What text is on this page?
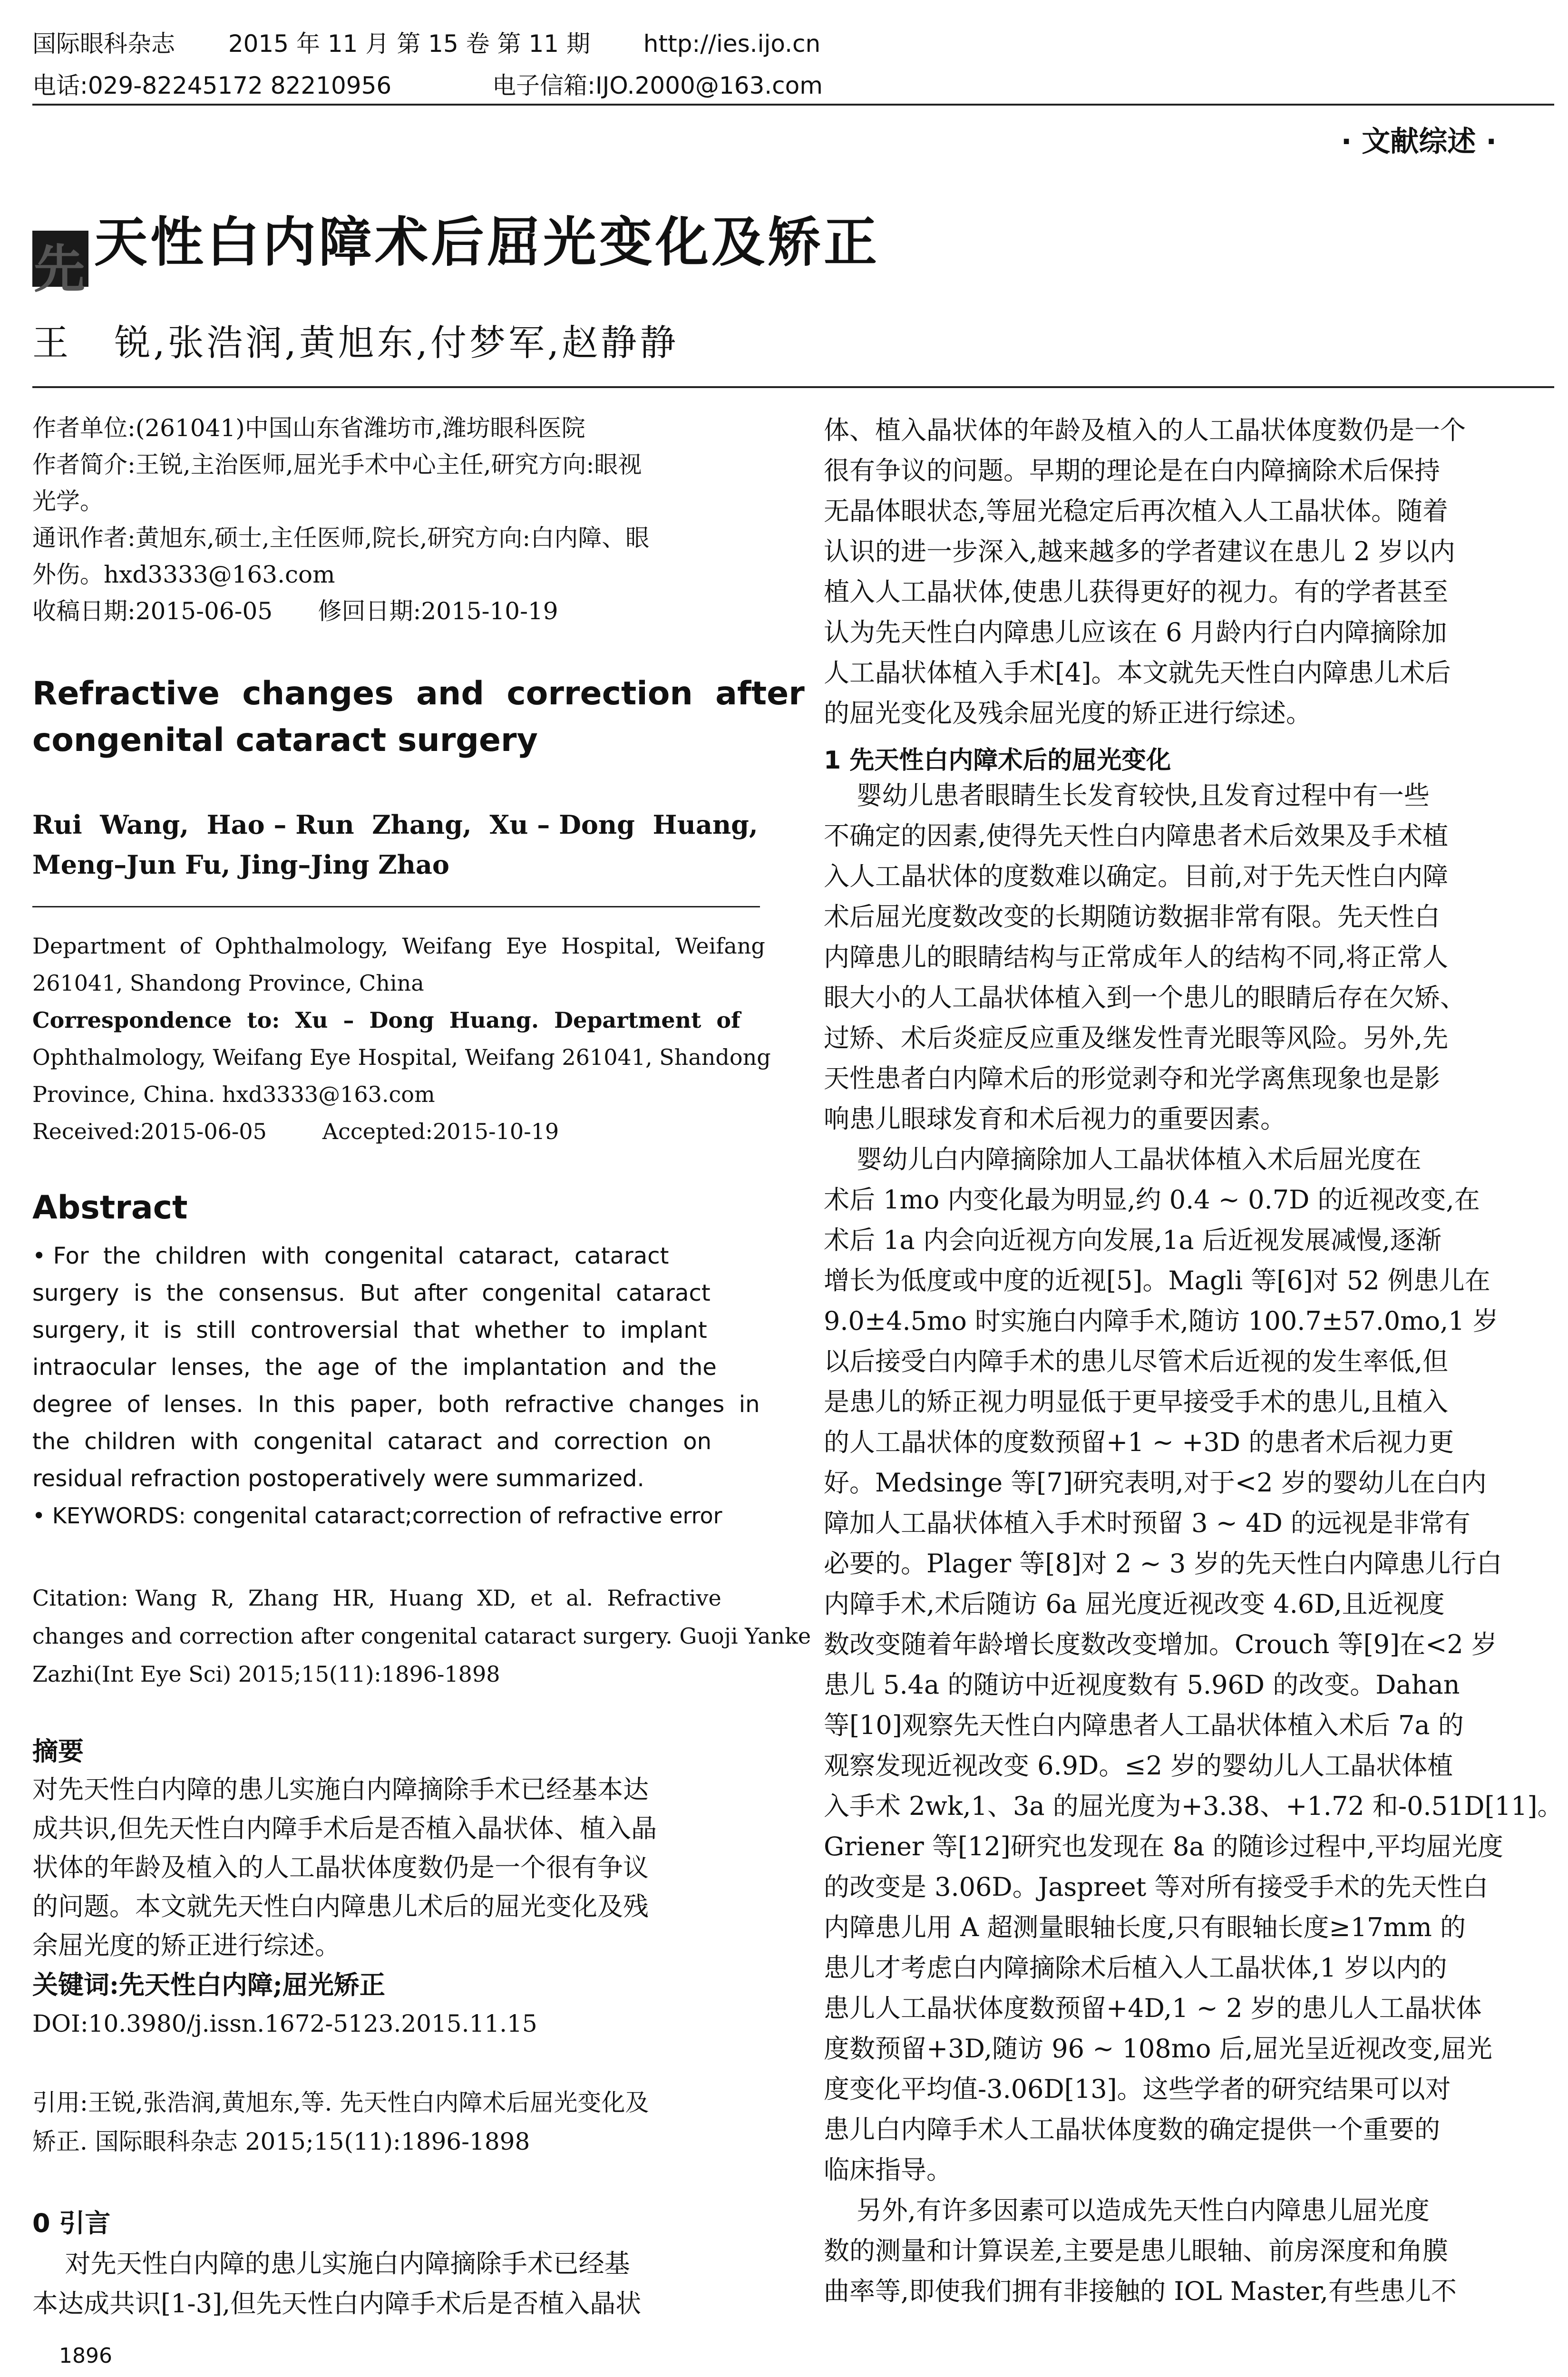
国际眼科杂志 2015 年 11 月 第 15 卷 第 11 期 http://ies.ijo.cn
电话:029-82245172 82210956	电子信箱:IJO.2000@163.com
· 文献综述 ·
先 天性白内障术后屈光变化及矫正
王   锐,张浩润,黄旭东,付梦军,赵静静
作者单位:(261041)中国山东省潍坊市,潍坊眼科医院
作者简介:王锐,主治医师,屈光手术中心主任,研究方向:眼视
光学。
通讯作者:黄旭东,硕士,主任医师,院长,研究方向:白内障、眼
外伤。hxd3333@163.com
收稿日期:2015-06-05      修回日期:2015-10-19
Refractive  changes  and  correction  after
congenital cataract surgery
Rui  Wang,  Hao – Run  Zhang,  Xu – Dong  Huang,
Meng–Jun Fu, Jing–Jing Zhao
Department  of  Ophthalmology,  Weifang  Eye  Hospital,  Weifang
261041, Shandong Province, China
Correspondence  to:  Xu  –  Dong  Huang.  Department  of
Ophthalmology, Weifang Eye Hospital, Weifang 261041, Shandong
Province, China. hxd3333@163.com
Received:2015-06-05        Accepted:2015-10-19
Abstract
• For  the  children  with  congenital  cataract,  cataract
surgery  is  the  consensus.  But  after  congenital  cataract
surgery, it  is  still  controversial  that  whether  to  implant
intraocular  lenses,  the  age  of  the  implantation  and  the
degree  of  lenses.  In  this  paper,  both  refractive  changes  in
the  children  with  congenital  cataract  and  correction  on
residual refraction postoperatively were summarized.
• KEYWORDS: congenital cataract;correction of refractive error
Citation: Wang  R,  Zhang  HR,  Huang  XD,  et  al.  Refractive
changes and correction after congenital cataract surgery. Guoji Yanke
Zazhi(Int Eye Sci) 2015;15(11):1896-1898
摘要
对先天性白内障的患儿实施白内障摘除手术已经基本达
成共识,但先天性白内障手术后是否植入晶状体、植入晶
状体的年龄及植入的人工晶状体度数仍是一个很有争议
的问题。本文就先天性白内障患儿术后的屈光变化及残
余屈光度的矫正进行综述。
关键词:先天性白内障;屈光矫正
DOI:10.3980/j.issn.1672-5123.2015.11.15
引用:王锐,张浩润,黄旭东,等. 先天性白内障术后屈光变化及
矫正. 国际眼科杂志 2015;15(11):1896-1898
0 引言
对先天性白内障的患儿实施白内障摘除手术已经基
本达成共识[1-3],但先天性白内障手术后是否植入晶状
1896
体、植入晶状体的年龄及植入的人工晶状体度数仍是一个
很有争议的问题。早期的理论是在白内障摘除术后保持
无晶体眼状态,等屈光稳定后再次植入人工晶状体。随着
认识的进一步深入,越来越多的学者建议在患儿 2 岁以内
植入人工晶状体,使患儿获得更好的视力。有的学者甚至
认为先天性白内障患儿应该在 6 月龄内行白内障摘除加
人工晶状体植入手术[4]。本文就先天性白内障患儿术后
的屈光变化及残余屈光度的矫正进行综述。
1 先天性白内障术后的屈光变化
婴幼儿患者眼睛生长发育较快,且发育过程中有一些
不确定的因素,使得先天性白内障患者术后效果及手术植
入人工晶状体的度数难以确定。目前,对于先天性白内障
术后屈光度数改变的长期随访数据非常有限。先天性白
内障患儿的眼睛结构与正常成年人的结构不同,将正常人
眼大小的人工晶状体植入到一个患儿的眼睛后存在欠矫、
过矫、术后炎症反应重及继发性青光眼等风险。另外,先
天性患者白内障术后的形觉剥夺和光学离焦现象也是影
响患儿眼球发育和术后视力的重要因素。
婴幼儿白内障摘除加人工晶状体植入术后屈光度在
术后 1mo 内变化最为明显,约 0.4 ~ 0.7D 的近视改变,在
术后 1a 内会向近视方向发展,1a 后近视发展减慢,逐渐
增长为低度或中度的近视[5]。Magli 等[6]对 52 例患儿在
9.0±4.5mo 时实施白内障手术,随访 100.7±57.0mo,1 岁
以后接受白内障手术的患儿尽管术后近视的发生率低,但
是患儿的矫正视力明显低于更早接受手术的患儿,且植入
的人工晶状体的度数预留+1 ~ +3D 的患者术后视力更
好。Medsinge 等[7]研究表明,对于<2 岁的婴幼儿在白内
障加人工晶状体植入手术时预留 3 ~ 4D 的远视是非常有
必要的。Plager 等[8]对 2 ~ 3 岁的先天性白内障患儿行白
内障手术,术后随访 6a 屈光度近视改变 4.6D,且近视度
数改变随着年龄增长度数改变增加。Crouch 等[9]在<2 岁
患儿 5.4a 的随访中近视度数有 5.96D 的改变。Dahan
等[10]观察先天性白内障患者人工晶状体植入术后 7a 的
观察发现近视改变 6.9D。≤2 岁的婴幼儿人工晶状体植
入手术 2wk,1、3a 的屈光度为+3.38、+1.72 和-0.51D[11]。
Griener 等[12]研究也发现在 8a 的随诊过程中,平均屈光度
的改变是 3.06D。Jaspreet 等对所有接受手术的先天性白
内障患儿用 A 超测量眼轴长度,只有眼轴长度≥17mm 的
患儿才考虑白内障摘除术后植入人工晶状体,1 岁以内的
患儿人工晶状体度数预留+4D,1 ~ 2 岁的患儿人工晶状体
度数预留+3D,随访 96 ~ 108mo 后,屈光呈近视改变,屈光
度变化平均值-3.06D[13]。这些学者的研究结果可以对
患儿白内障手术人工晶状体度数的确定提供一个重要的
临床指导。
另外,有许多因素可以造成先天性白内障患儿屈光度
数的测量和计算误差,主要是患儿眼轴、前房深度和角膜
曲率等,即使我们拥有非接触的 IOL Master,有些患儿不
